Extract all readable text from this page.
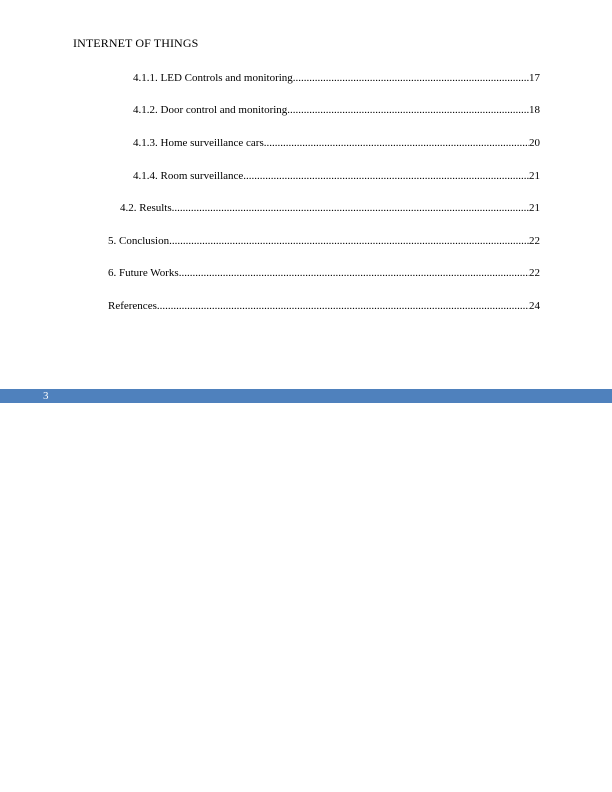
INTERNET OF THINGS
4.1.1. LED Controls and monitoring .....	17
4.1.2. Door control and monitoring .....	18
4.1.3. Home surveillance cars .....	20
4.1.4. Room surveillance .....	21
4.2. Results .....	21
5. Conclusion .....	22
6. Future Works .....	22
References .....	24
3
